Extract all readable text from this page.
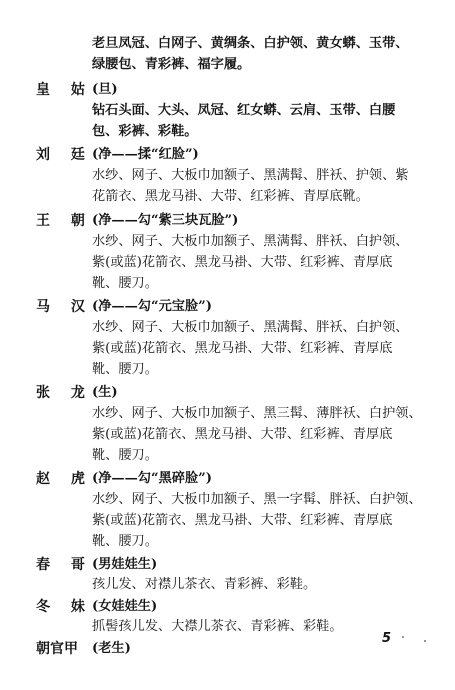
老旦凤冠、白网子、黄绸条、白护领、黄女蟒、玉带、
绿腰包、青彩裤、福字履。
皇 姑 (旦)
钻石头面、大头、凤冠、红女蟒、云肩、玉带、白腰
包、彩裤、彩鞋。
刘 廷 (净——揉“红脸”)
水纱、网子、大板巾加额子、黑满髯、胖袄、护领、紫
花箭衣、黑龙马褂、大带、红彩裤、青厚底靴。
王 朝 (净——勾“紫三块瓦脸”)
水纱、网子、大板巾加额子、黑满髯、胖袄、白护领、
紫(或蓝)花箭衣、黑龙马褂、大带、红彩裤、青厚底
靴、腰刀。
马 汉 (净——勾“元宝脸”)
水纱、网子、大板巾加额子、黑满髯、胖袄、白护领、
紫(或蓝)花箭衣、黑龙马褂、大带、红彩裤、青厚底
靴、腰刀。
张 龙 (生)
水纱、网子、大板巾加额子、黑三髯、薄胖袄、白护领、
紫(或蓝)花箭衣、黑龙马褂、大带、红彩裤、青厚底
靴、腰刀。
赵 虎 (净——勾“黑碎脸”)
水纱、网子、大板巾加额子、黑一字髯、胖袄、白护领、
紫(或蓝)花箭衣、黑龙马褂、大带、红彩裤、青厚底
靴、腰刀。
春 哥 (男娃娃生)
孩儿发、对襟儿茶衣、青彩裤、彩鞋。
冬 妹 (女娃娃生)
抓髻孩儿发、大襟儿茶衣、青彩裤、彩鞋。
朝官甲 (老生)
5
